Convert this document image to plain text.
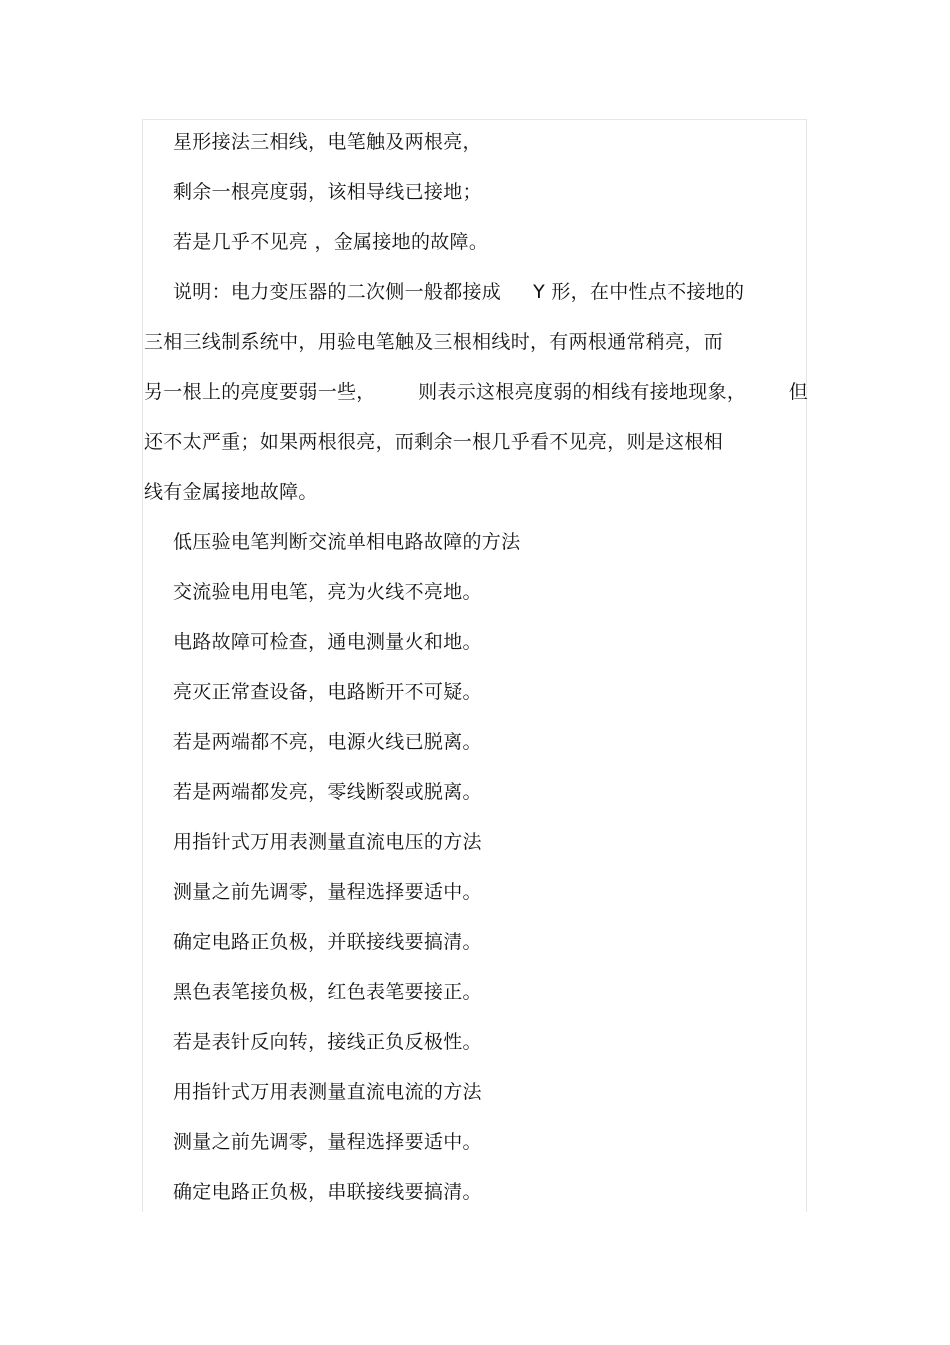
星形接法三相线，电笔触及两根亮，
剩余一根亮度弱，该相导线已接地；
若是几乎不见亮 ，金属接地的故障。
说明：电力变压器的二次侧一般都接成 Y 形，在中性点不接地的
三相三线制系统中，用验电笔触及三根相线时，有两根通常稍亮，而
另一根上的亮度要弱一些， 则表示这根亮度弱的相线有接地现象， 但
还不太严重；如果两根很亮，而剩余一根几乎看不见亮，则是这根相
线有金属接地故障。
低压验电笔判断交流单相电路故障的方法
交流验电用电笔，亮为火线不亮地。
电路故障可检查，通电测量火和地。
亮灭正常查设备，电路断开不可疑。
若是两端都不亮，电源火线已脱离。
若是两端都发亮，零线断裂或脱离。
用指针式万用表测量直流电压的方法
测量之前先调零，量程选择要适中。
确定电路正负极，并联接线要搞清。
黑色表笔接负极，红色表笔要接正。
若是表针反向转，接线正负反极性。
用指针式万用表测量直流电流的方法
测量之前先调零，量程选择要适中。
确定电路正负极，串联接线要搞清。
